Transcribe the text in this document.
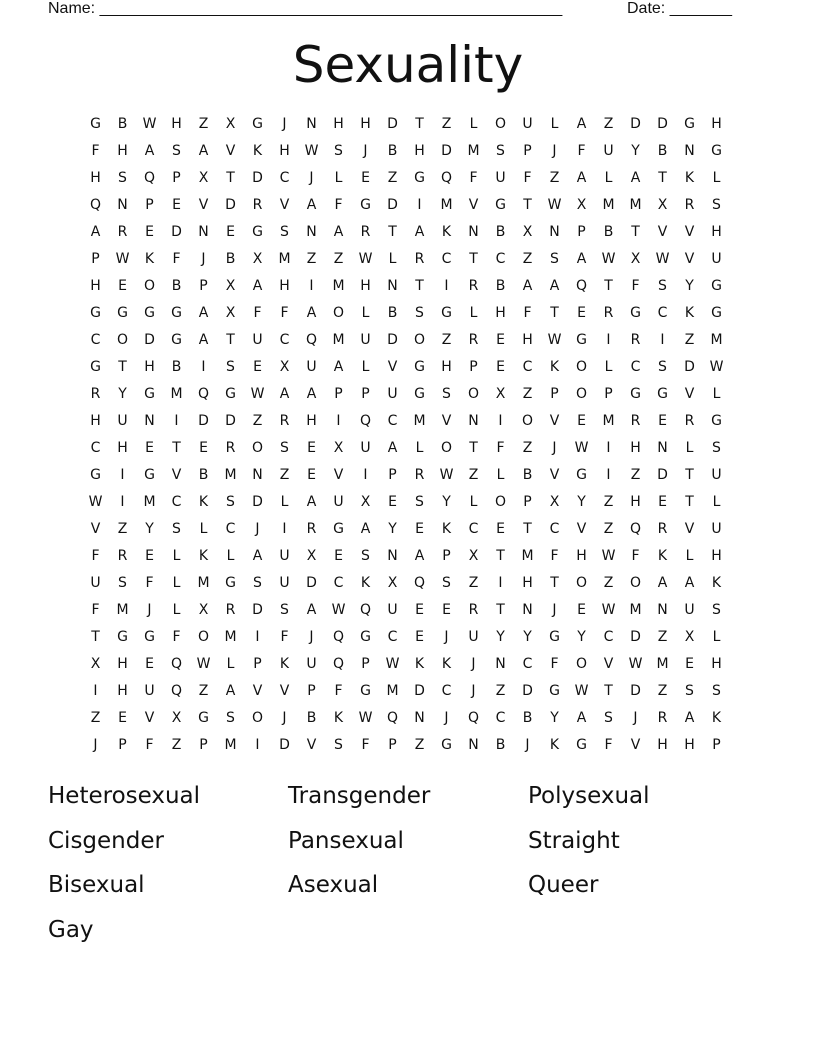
Name: ____________________________________________________	Date: _______
Sexuality
G	B	W	H	Z	X	G	J	N	H	H	D	T	Z	L	O	U	L	A	Z	D	D	G	H
F	H	A	S	A	V	K	H	W	S	J	B	H	D	M	S	P	J	F	U	Y	B	N	G
H	S	Q	P	X	T	D	C	J	L	E	Z	G	Q	F	U	F	Z	A	L	A	T	K	L
Q	N	P	E	V	D	R	V	A	F	G	D	I	M	V	G	T	W	X	M	M	X	R	S
A	R	E	D	N	E	G	S	N	A	R	T	A	K	N	B	X	N	P	B	T	V	V	H
P	W	K	F	J	B	X	M	Z	Z	W	L	R	C	T	C	Z	S	A	W	X	W	V	U
H	E	O	B	P	X	A	H	I	M	H	N	T	I	R	B	A	A	Q	T	F	S	Y	G
G	G	G	G	A	X	F	F	A	O	L	B	S	G	L	H	F	T	E	R	G	C	K	G
C	O	D	G	A	T	U	C	Q	M	U	D	O	Z	R	E	H	W	G	I	R	I	Z	M
G	T	H	B	I	S	E	X	U	A	L	V	G	H	P	E	C	K	O	L	C	S	D	W
R	Y	G	M	Q	G	W	A	A	P	P	U	G	S	O	X	Z	P	O	P	G	G	V	L
H	U	N	I	D	D	Z	R	H	I	Q	C	M	V	N	I	O	V	E	M	R	E	R	G
C	H	E	T	E	R	O	S	E	X	U	A	L	O	T	F	Z	J	W	I	H	N	L	S
G	I	G	V	B	M	N	Z	E	V	I	P	R	W	Z	L	B	V	G	I	Z	D	T	U
W	I	M	C	K	S	D	L	A	U	X	E	S	Y	L	O	P	X	Y	Z	H	E	T	L
V	Z	Y	S	L	C	J	I	R	G	A	Y	E	K	C	E	T	C	V	Z	Q	R	V	U
F	R	E	L	K	L	A	U	X	E	S	N	A	P	X	T	M	F	H	W	F	K	L	H
U	S	F	L	M	G	S	U	D	C	K	X	Q	S	Z	I	H	T	O	Z	O	A	A	K
F	M	J	L	X	R	D	S	A	W	Q	U	E	E	R	T	N	J	E	W	M	N	U	S
T	G	G	F	O	M	I	F	J	Q	G	C	E	J	U	Y	Y	G	Y	C	D	Z	X	L
X	H	E	Q	W	L	P	K	U	Q	P	W	K	K	J	N	C	F	O	V	W	M	E	H
I	H	U	Q	Z	A	V	V	P	F	G	M	D	C	J	Z	D	G	W	T	D	Z	S	S
Z	E	V	X	G	S	O	J	B	K	W	Q	N	J	Q	C	B	Y	A	S	J	R	A	K
J	P	F	Z	P	M	I	D	V	S	F	P	Z	G	N	B	J	K	G	F	V	H	H	P
Heterosexual	Transgender	Polysexual
Cisgender	Pansexual	Straight
Bisexual	Asexual	Queer
Gay
